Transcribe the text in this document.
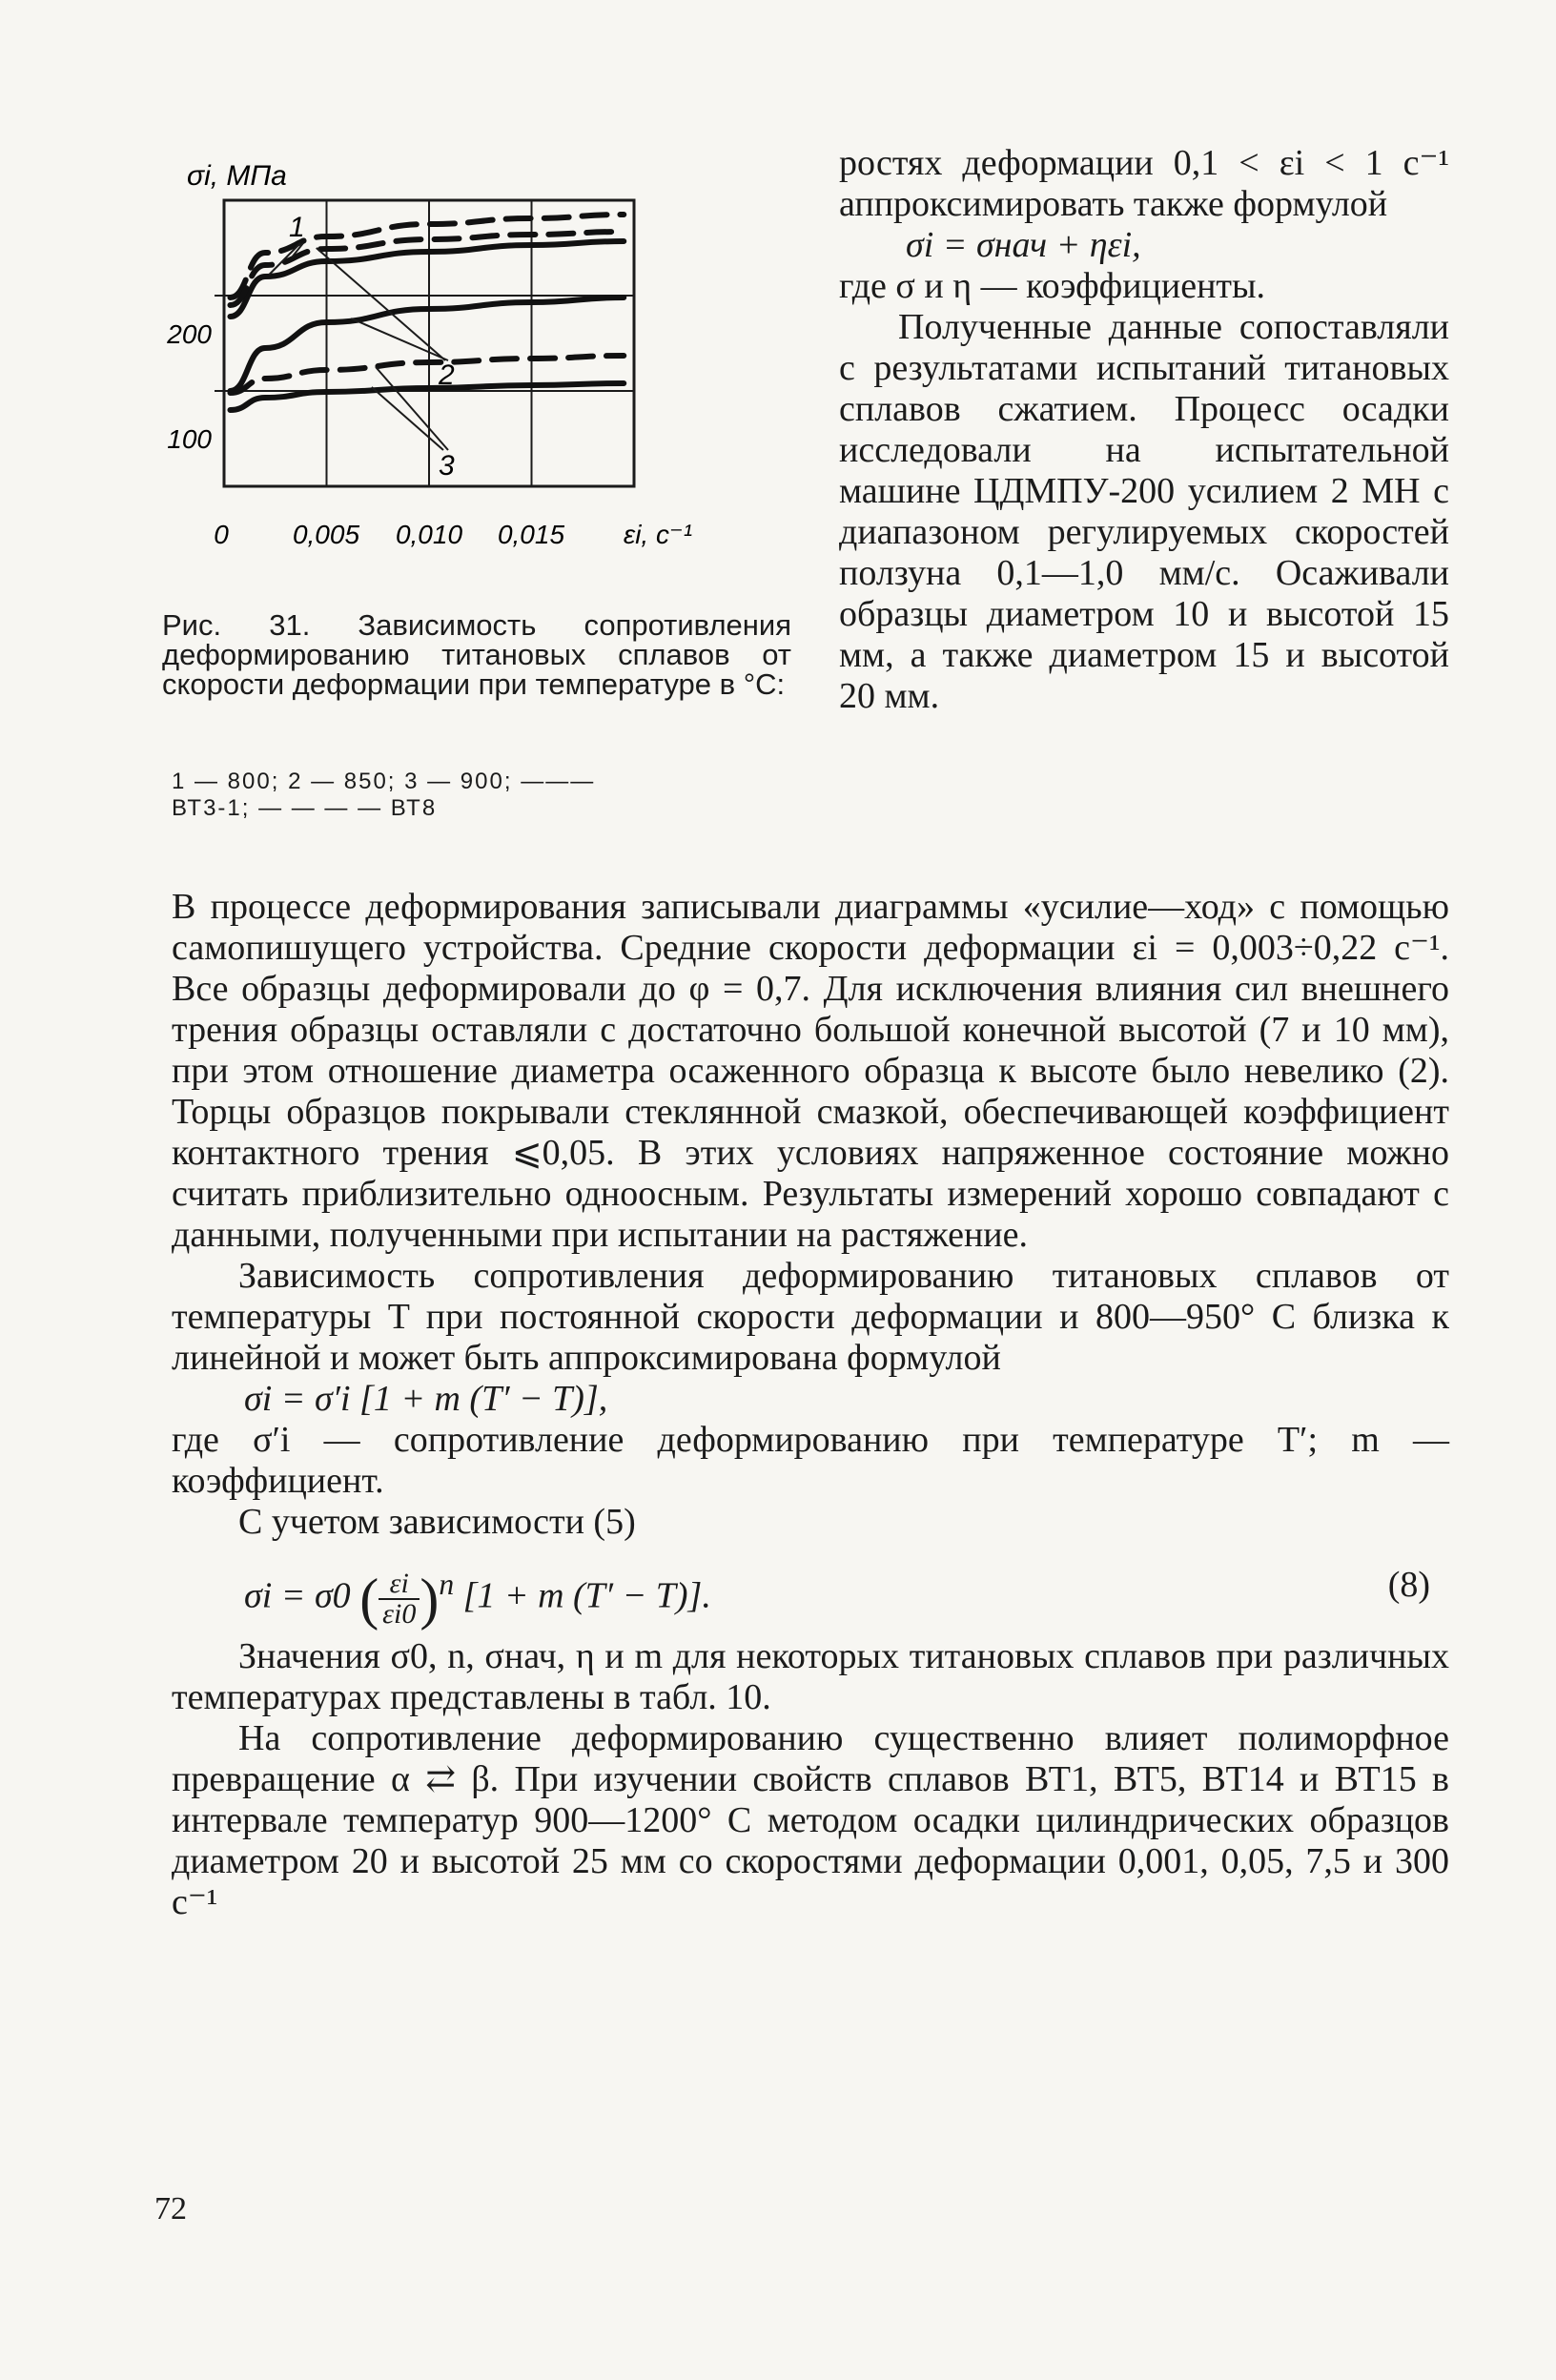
σi, МПа
εi, с⁻¹
0
100
200
0,005 0,010 0,015
1
2
3

Рис. 31. Зависимость сопротивления деформированию титановых сплавов от скорости деформации при температуре в °С:

1 — 800; 2 — 850; 3 — 900; ———
ВТ3-1; — — — — ВТ8

ростях деформации 0,1 < εi < 1 с⁻¹ аппроксимировать также формулой

σi = σнач + ηεi,

где σ и η — коэффициенты.

Полученные данные сопоставляли с результатами испытаний титановых сплавов сжатием. Процесс осадки исследовали на испытательной машине ЦДМПУ-200 усилием 2 МН с диапазоном регулируемых скоростей ползуна 0,1—1,0 мм/с. Осаживали образцы диаметром 10 и высотой 15 мм, а также диаметром 15 и высотой 20 мм.

В процессе деформирования записывали диаграммы «усилие—ход» с помощью самопишущего устройства. Средние скорости деформации εi = 0,003÷0,22 с⁻¹. Все образцы деформировали до φ = 0,7. Для исключения влияния сил внешнего трения образцы оставляли с достаточно большой конечной высотой (7 и 10 мм), при этом отношение диаметра осаженного образца к высоте было невелико (2). Торцы образцов покрывали стеклянной смазкой, обеспечивающей коэффициент контактного трения ⩽0,05. В этих условиях напряженное состояние можно считать приблизительно одноосным. Результаты измерений хорошо совпадают с данными, полученными при испытании на растяжение.

Зависимость сопротивления деформированию титановых сплавов от температуры T при постоянной скорости деформации и 800—950° С близка к линейной и может быть аппроксимирована формулой

σi = σ′i [1 + m (T′ − T)],

где σ′i — сопротивление деформированию при температуре T′; m — коэффициент.

С учетом зависимости (5)

σi = σ0 ( $\frac{\varepsilon i}{\varepsilon i0} )^n$ [1 + m (T′ − T)].	(8)

Значения σ0, n, σнач, η и m для некоторых титановых сплавов при различных температурах представлены в табл. 10.

На сопротивление деформированию существенно влияет полиморфное превращение α ⇄ β. При изучении свойств сплавов ВТ1, ВТ5, ВТ14 и ВТ15 в интервале температур 900—1200° С методом осадки цилиндрических образцов диаметром 20 и высотой 25 мм со скоростями деформации 0,001, 0,05, 7,5 и 300 с⁻¹

72
